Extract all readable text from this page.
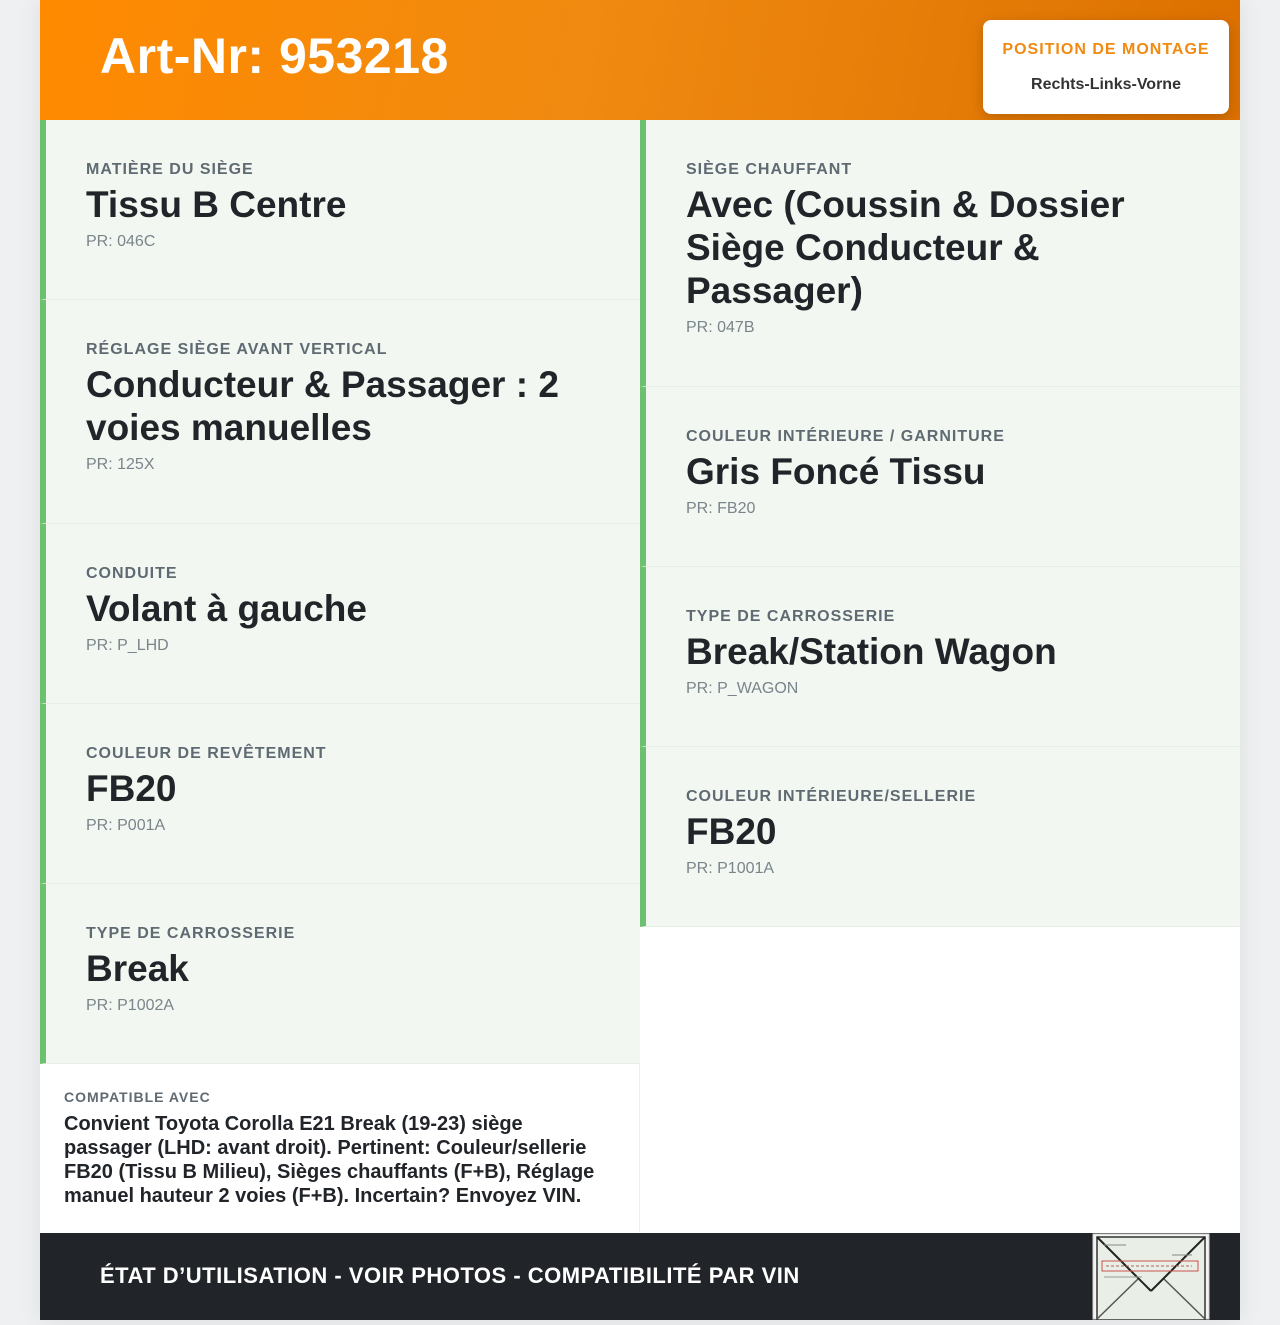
Art-Nr: 953218	POSITION DE MONTAGE
Rechts-Links-Vorne
MATIÈRE DU SIÈGE
Tissu B Centre
PR: 046C
RÉGLAGE SIÈGE AVANT VERTICAL
Conducteur & Passager : 2 voies manuelles
PR: 125X
CONDUITE
Volant à gauche
PR: P_LHD
COULEUR DE REVÊTEMENT
FB20
PR: P001A
TYPE DE CARROSSERIE
Break
PR: P1002A
SIÈGE CHAUFFANT
Avec (Coussin & Dossier Siège Conducteur & Passager)
PR: 047B
COULEUR INTÉRIEURE / GARNITURE
Gris Foncé Tissu
PR: FB20
TYPE DE CARROSSERIE
Break/Station Wagon
PR: P_WAGON
COULEUR INTÉRIEURE/SELLERIE
FB20
PR: P1001A
COMPATIBLE AVEC
Convient Toyota Corolla E21 Break (19-23) siège passager (LHD: avant droit). Pertinent: Couleur/sellerie FB20 (Tissu B Milieu), Sièges chauffants (F+B), Réglage manuel hauteur 2 voies (F+B). Incertain? Envoyez VIN.
ÉTAT D’UTILISATION - VOIR PHOTOS - COMPATIBILITÉ PAR VIN
